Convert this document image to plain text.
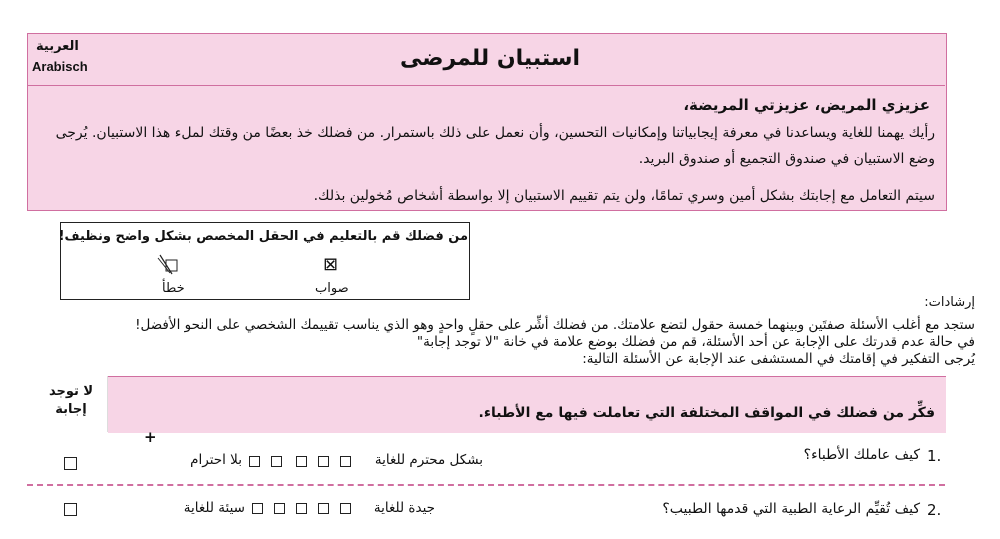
العربية
Arabisch	استبيان للمرضى
عزيزي المريض، عزيزتي المريضة،
رأيك يهمنا للغاية ويساعدنا في معرفة إيجابياتنا وإمكانيات التحسين، وأن نعمل على ذلك باستمرار. من فضلك خذ بعضًا من وقتك لملء هذا الاستبيان. يُرجى وضع الاستبيان في صندوق التجميع أو صندوق البريد.
سيتم التعامل مع إجابتك بشكل أمين وسري تمامًا، ولن يتم تقييم الاستبيان إلا بواسطة أشخاص مُخولين بذلك.
من فضلك قم بالتعليم في الحقل المخصص بشكل واضح ونظيف!
⊠
صواب
خطأ
إرشادات:
ستجد مع أغلب الأسئلة صفتَين وبينهما خمسة حقول لتضع علامتك. من فضلك أشِّر على حقلٍ واحدٍ وهو الذي يناسب تقييمك الشخصي على النحو الأفضل!
في حالة عدم قدرتك على الإجابة عن أحد الأسئلة، قم من فضلك بوضع علامة في خانة "لا توجد إجابة"
يُرجى التفكير في إقامتك في المستشفى عند الإجابة عن الأسئلة التالية:
لا توجد
إجابة	فكِّر من فضلك في المواقف المختلفة التي تعاملت فيها مع الأطباء.
+
1.
كيف عاملك الأطباء؟
بشكل محترم للغاية
بلا احترام
2.
كيف تُقيِّم الرعاية الطبية التي قدمها الطبيب؟
جيدة للغاية
سيئة للغاية
